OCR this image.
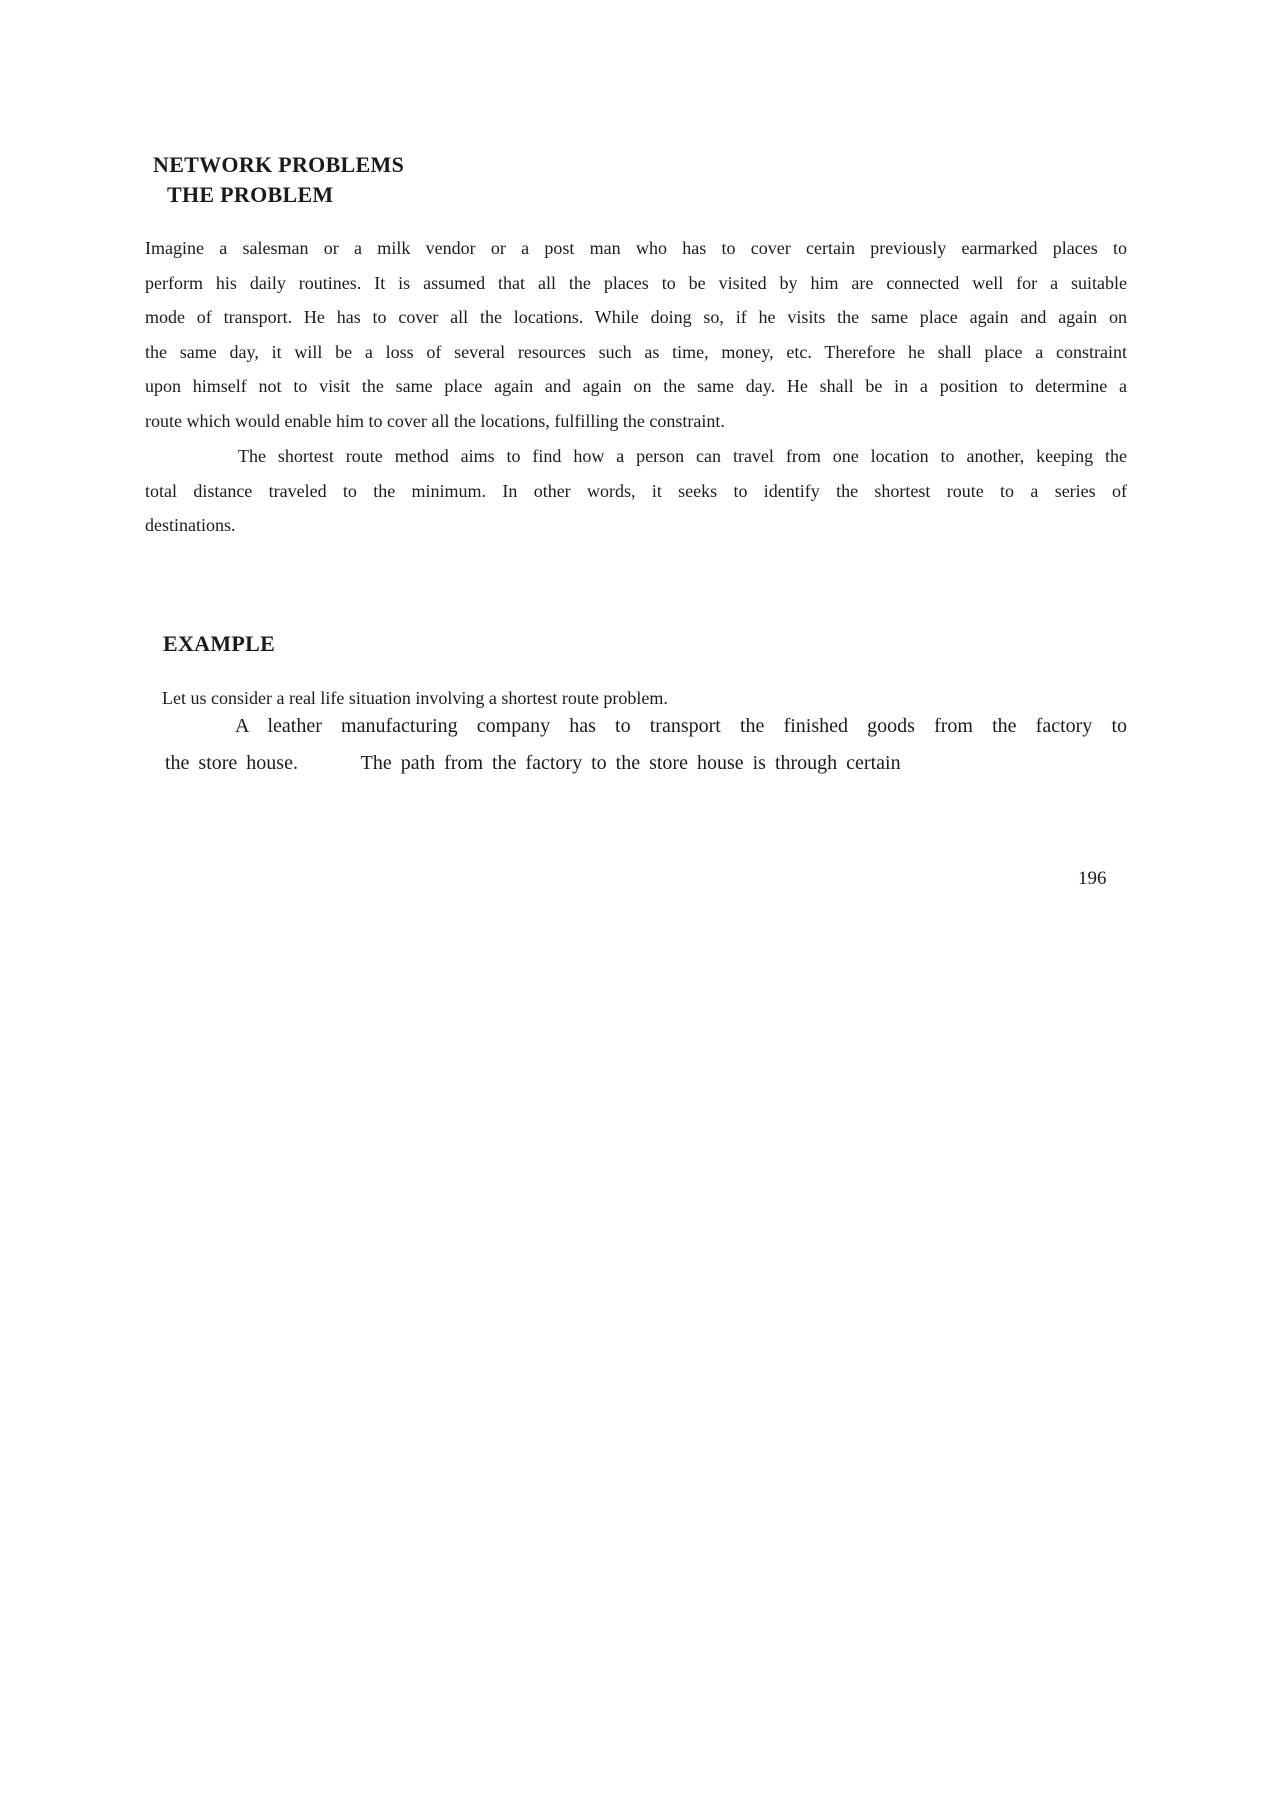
NETWORK PROBLEMS
THE PROBLEM
Imagine a salesman or a milk vendor or a post man who has to cover certain previously earmarked places to
perform his daily routines. It is assumed that all the places to be visited by him are connected well for a suitable
mode of transport. He has to cover all the locations. While doing so, if he visits the same place again and again on
the same day, it will be a loss of several resources such as time, money, etc. Therefore he shall place a constraint
upon himself not to visit the same place again and again on the same day. He shall be in a position to determine a
route which would enable him to cover all the locations, fulfilling the constraint.
The shortest route method aims to find how a person can travel from one location to another, keeping the
total distance traveled to the minimum. In other words, it seeks to identify the shortest route to a series of
destinations.
EXAMPLE
Let us consider a real life situation involving a shortest route problem.
A leather manufacturing company has to transport the finished goods from the factory to
the store house.       The path from the factory to the store house is through certain
196
